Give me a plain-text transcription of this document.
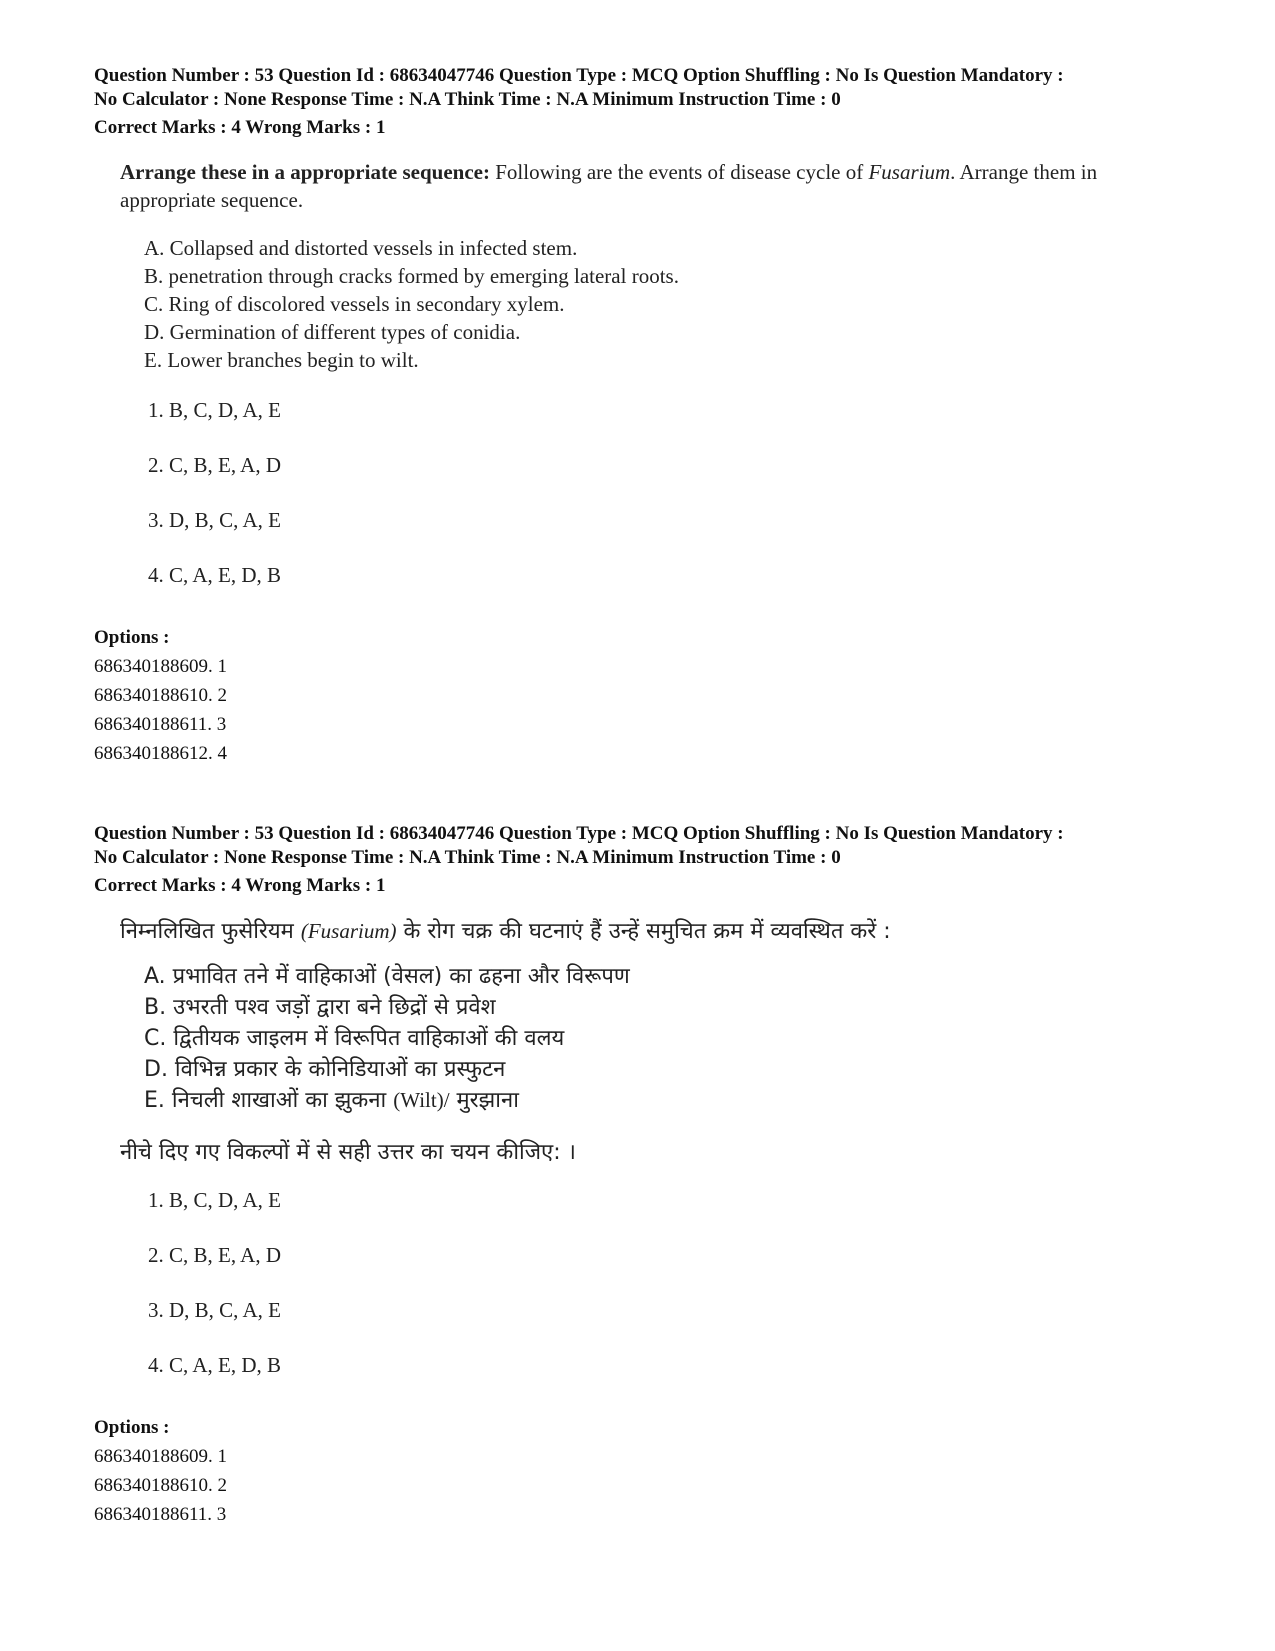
Question Number : 53 Question Id : 68634047746 Question Type : MCQ Option Shuffling : No Is Question Mandatory :

No Calculator : None Response Time : N.A Think Time : N.A Minimum Instruction Time : 0

Correct Marks : 4 Wrong Marks : 1

Arrange these in a appropriate sequence: Following are the events of disease cycle of Fusarium. Arrange them in appropriate sequence.

A. Collapsed and distorted vessels in infected stem.
B. penetration through cracks formed by emerging lateral roots.
C. Ring of discolored vessels in secondary xylem.
D. Germination of different types of conidia.
E. Lower branches begin to wilt.
1. B, C, D, A, E
2. C, B, E, A, D
3. D, B, C, A, E
4. C, A, E, D, B

Options :

686340188609. 1
686340188610. 2
686340188611. 3
686340188612. 4

Question Number : 53 Question Id : 68634047746 Question Type : MCQ Option Shuffling : No Is Question Mandatory :

No Calculator : None Response Time : N.A Think Time : N.A Minimum Instruction Time : 0

Correct Marks : 4 Wrong Marks : 1

निम्नलिखित फुसेरियम (Fusarium) के रोग चक्र की घटनाएं हैं उन्हें समुचित क्रम में व्यवस्थित करें :

A. प्रभावित तने में वाहिकाओं (वेसल) का ढहना और विरूपण
B. उभरती पश्व जड़ों द्वारा बने छिद्रों से प्रवेश
C. द्वितीयक जाइलम में विरूपित वाहिकाओं की वलय
D. विभिन्न प्रकार के कोनिडियाओं का प्रस्फुटन
E. निचली शाखाओं का झुकना (Wilt)/ मुरझाना

नीचे दिए गए विकल्पों में से सही उत्तर का चयन कीजिए: ।

1. B, C, D, A, E
2. C, B, E, A, D
3. D, B, C, A, E
4. C, A, E, D, B

Options :

686340188609. 1
686340188610. 2
686340188611. 3
